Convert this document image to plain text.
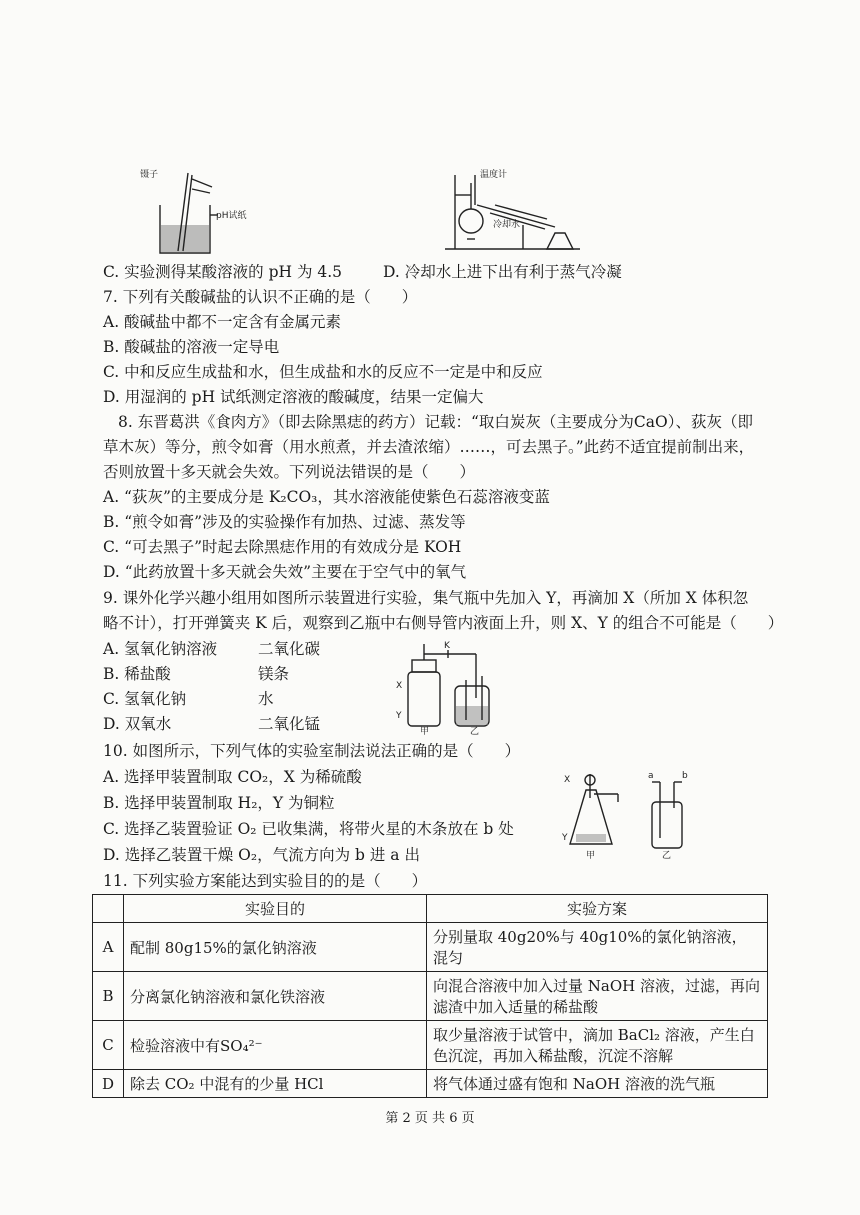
镊子
pH试纸
温度计
冷却水
C. 实验测得某酸溶液的 pH 为 4.5	D. 冷却水上进下出有利于蒸气冷凝
7. 下列有关酸碱盐的认识不正确的是（　　）
A. 酸碱盐中都不一定含有金属元素
B. 酸碱盐的溶液一定导电
C. 中和反应生成盐和水，但生成盐和水的反应不一定是中和反应
D. 用湿润的 pH 试纸测定溶液的酸碱度，结果一定偏大
8. 东晋葛洪《食肉方》（即去除黑痣的药方）记载：“取白炭灰（主要成分为CaO）、荻灰（即
草木灰）等分，煎令如膏（用水煎煮，并去渣浓缩）……，可去黑子。”此药不适宜提前制出来，
否则放置十多天就会失效。下列说法错误的是（　　）
A. “荻灰”的主要成分是 K₂CO₃，其水溶液能使紫色石蕊溶液变蓝
B. “煎令如膏”涉及的实验操作有加热、过滤、蒸发等
C. “可去黑子”时起去除黑痣作用的有效成分是 KOH
D. “此药放置十多天就会失效”主要在于空气中的氧气
9. 课外化学兴趣小组用如图所示装置进行实验，集气瓶中先加入 Y，再滴加 X（所加 X 体积忽
略不计），打开弹簧夹 K 后，观察到乙瓶中右侧导管内液面上升，则 X、Y 的组合不可能是（　　）
A. 氢氧化钠溶液	二氧化碳
B. 稀盐酸	镁条
C. 氢氧化钠	水
D. 双氧水	二氧化锰
X
Y
K
甲	乙
10. 如图所示，下列气体的实验室制法说法正确的是（　　）
A. 选择甲装置制取 CO₂，X 为稀硫酸
B. 选择甲装置制取 H₂，Y 为铜粒
C. 选择乙装置验证 O₂ 已收集满，将带火星的木条放在 b 处
D. 选择乙装置干燥 O₂，气流方向为 b 进 a 出
X
Y
a	b
甲	乙
11. 下列实验方案能达到实验目的的是（　　）
	实验目的	实验方案
A	配制 80g15%的氯化钠溶液	分别量取 40g20%与 40g10%的氯化钠溶液，混匀
B	分离氯化钠溶液和氯化铁溶液	向混合溶液中加入过量 NaOH 溶液，过滤，再向滤渣中加入适量的稀盐酸
C	检验溶液中有SO₄²⁻	取少量溶液于试管中，滴加 BaCl₂ 溶液，产生白色沉淀，再加入稀盐酸，沉淀不溶解
D	除去 CO₂ 中混有的少量 HCl	将气体通过盛有饱和 NaOH 溶液的洗气瓶
第 2 页 共 6 页
